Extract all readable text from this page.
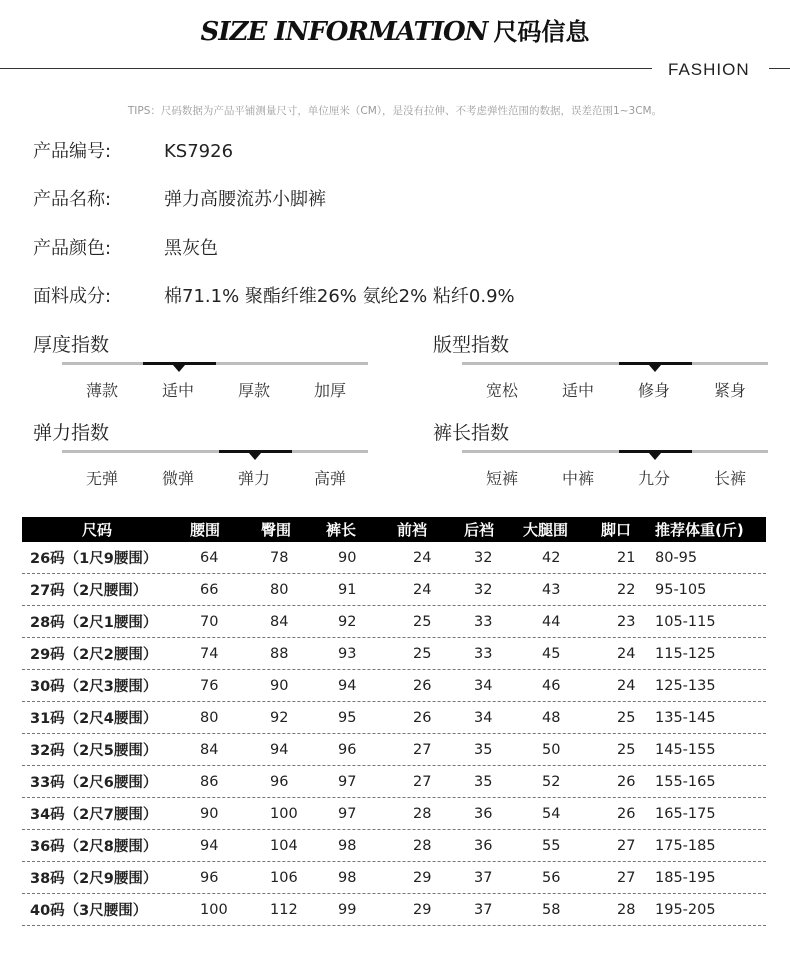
SIZE INFORMATION 尺码信息
FASHION
TIPS：尺码数据为产品平铺测量尺寸，单位厘米（CM），是没有拉伸、不考虑弹性范围的数据，误差范围1~3CM。
产品编号:	KS7926
产品名称:	弹力高腰流苏小脚裤
产品颜色:	黑灰色
面料成分:	棉71.1% 聚酯纤维26% 氨纶2% 粘纤0.9%
厚度指数
薄款	适中	厚款	加厚
版型指数
宽松	适中	修身	紧身
弹力指数
无弹	微弹	弹力	高弹
裤长指数
短裤	中裤	九分	长裤
尺码	腰围	臀围	裤长	前裆	后裆	大腿围	脚口	推荐体重(斤)
26码（1尺9腰围）	64	78	90	24	32	42	21	80-95
27码（2尺腰围）	66	80	91	24	32	43	22	95-105
28码（2尺1腰围）	70	84	92	25	33	44	23	105-115
29码（2尺2腰围）	74	88	93	25	33	45	24	115-125
30码（2尺3腰围）	76	90	94	26	34	46	24	125-135
31码（2尺4腰围）	80	92	95	26	34	48	25	135-145
32码（2尺5腰围）	84	94	96	27	35	50	25	145-155
33码（2尺6腰围）	86	96	97	27	35	52	26	155-165
34码（2尺7腰围）	90	100	97	28	36	54	26	165-175
36码（2尺8腰围）	94	104	98	28	36	55	27	175-185
38码（2尺9腰围）	96	106	98	29	37	56	27	185-195
40码（3尺腰围）	100	112	99	29	37	58	28	195-205
